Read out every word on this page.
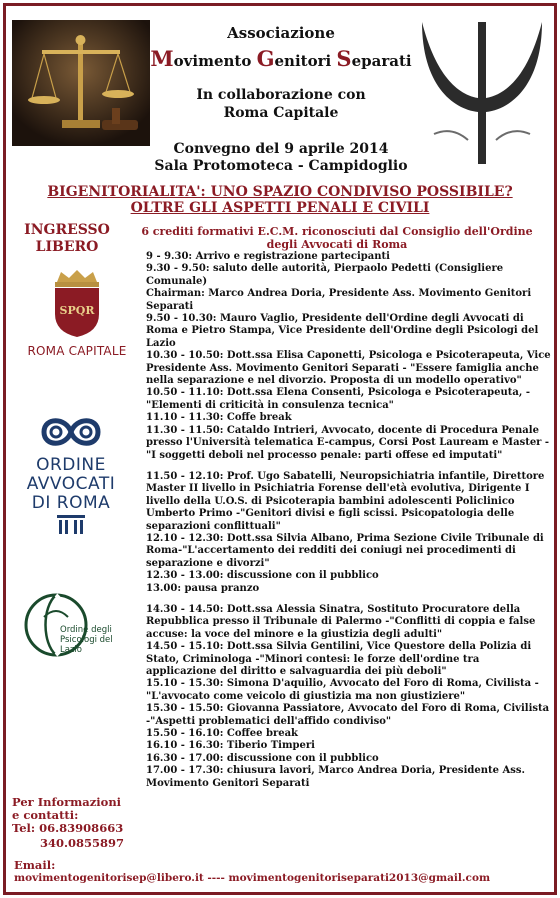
Associazione
Movimento Genitori Separati
In collaborazione con
Roma Capitale
Convegno del 9 aprile 2014
Sala Protomoteca - Campidoglio
BIGENITORIALITA': UNO SPAZIO CONDIVISO POSSIBILE?
OLTRE GLI ASPETTI PENALI E CIVILI
INGRESSO
LIBERO
6 crediti formativi E.C.M. riconosciuti dal Consiglio dell'Ordine
degli Avvocati di Roma
SPQR
ROMA CAPITALE
ORDINE
AVVOCATI
DI ROMA
Ordine degli
Psicologi del Lazio
9 - 9.30: Arrivo e registrazione partecipanti
9.30 - 9.50: saluto delle autorità, Pierpaolo Pedetti (Consigliere Comunale)
Chairman: Marco Andrea Doria, Presidente Ass. Movimento Genitori Separati
9.50 - 10.30: Mauro Vaglio, Presidente dell'Ordine degli Avvocati di Roma e Pietro Stampa, Vice Presidente dell'Ordine degli Psicologi del Lazio
10.30 - 10.50: Dott.ssa Elisa Caponetti, Psicologa e Psicoterapeuta, Vice Presidente Ass. Movimento Genitori Separati - "Essere famiglia anche nella separazione e nel divorzio. Proposta di un modello operativo"
10.50 - 11.10: Dott.ssa Elena Consenti, Psicologa e Psicoterapeuta, -"Elementi di criticità in consulenza tecnica"
11.10 - 11.30: Coffe break
11.30 - 11.50: Cataldo Intrieri, Avvocato, docente di Procedura Penale presso l'Università telematica E-campus, Corsi Post Lauream e Master - "I soggetti deboli nel processo penale: parti offese ed imputati"
11.50 - 12.10: Prof. Ugo Sabatelli, Neuropsichiatria infantile, Direttore Master II livello in Psichiatria Forense dell'età evolutiva, Dirigente I livello della U.O.S. di Psicoterapia bambini adolescenti Policlinico Umberto Primo -"Genitori divisi e figli scissi. Psicopatologia delle separazioni conflittuali"
12.10 - 12.30: Dott.ssa Silvia Albano, Prima Sezione Civile Tribunale di Roma-"L'accertamento dei redditi dei coniugi nei procedimenti di separazione e divorzi"
12.30 - 13.00: discussione con il pubblico
13.00: pausa pranzo
14.30 - 14.50: Dott.ssa Alessia Sinatra, Sostituto Procuratore della Repubblica presso il Tribunale di Palermo -"Conflitti di coppia e false accuse: la voce del minore e la giustizia degli adulti"
14.50 - 15.10: Dott.ssa Silvia Gentilini, Vice Questore della Polizia di Stato, Criminologa -"Minori contesi: le forze dell'ordine tra applicazione del diritto e salvaguardia dei più deboli"
15.10 - 15.30: Simona D'aquilio, Avvocato del Foro di Roma, Civilista -"L'avvocato come veicolo di giustizia ma non giustiziere"
15.30 - 15.50: Giovanna Passiatore, Avvocato del Foro di Roma, Civilista -"Aspetti problematici dell'affido condiviso"
15.50 - 16.10: Coffee break
16.10 - 16.30: Tiberio Timperi
16.30 - 17.00: discussione con il pubblico
17.00 - 17.30: chiusura lavori, Marco Andrea Doria, Presidente Ass. Movimento Genitori Separati
Per Informazioni e contatti:
Tel: 06.83908663
340.0855897
Email:
movimentogenitorisep@libero.it ---- movimentogenitoriseparati2013@gmail.com
